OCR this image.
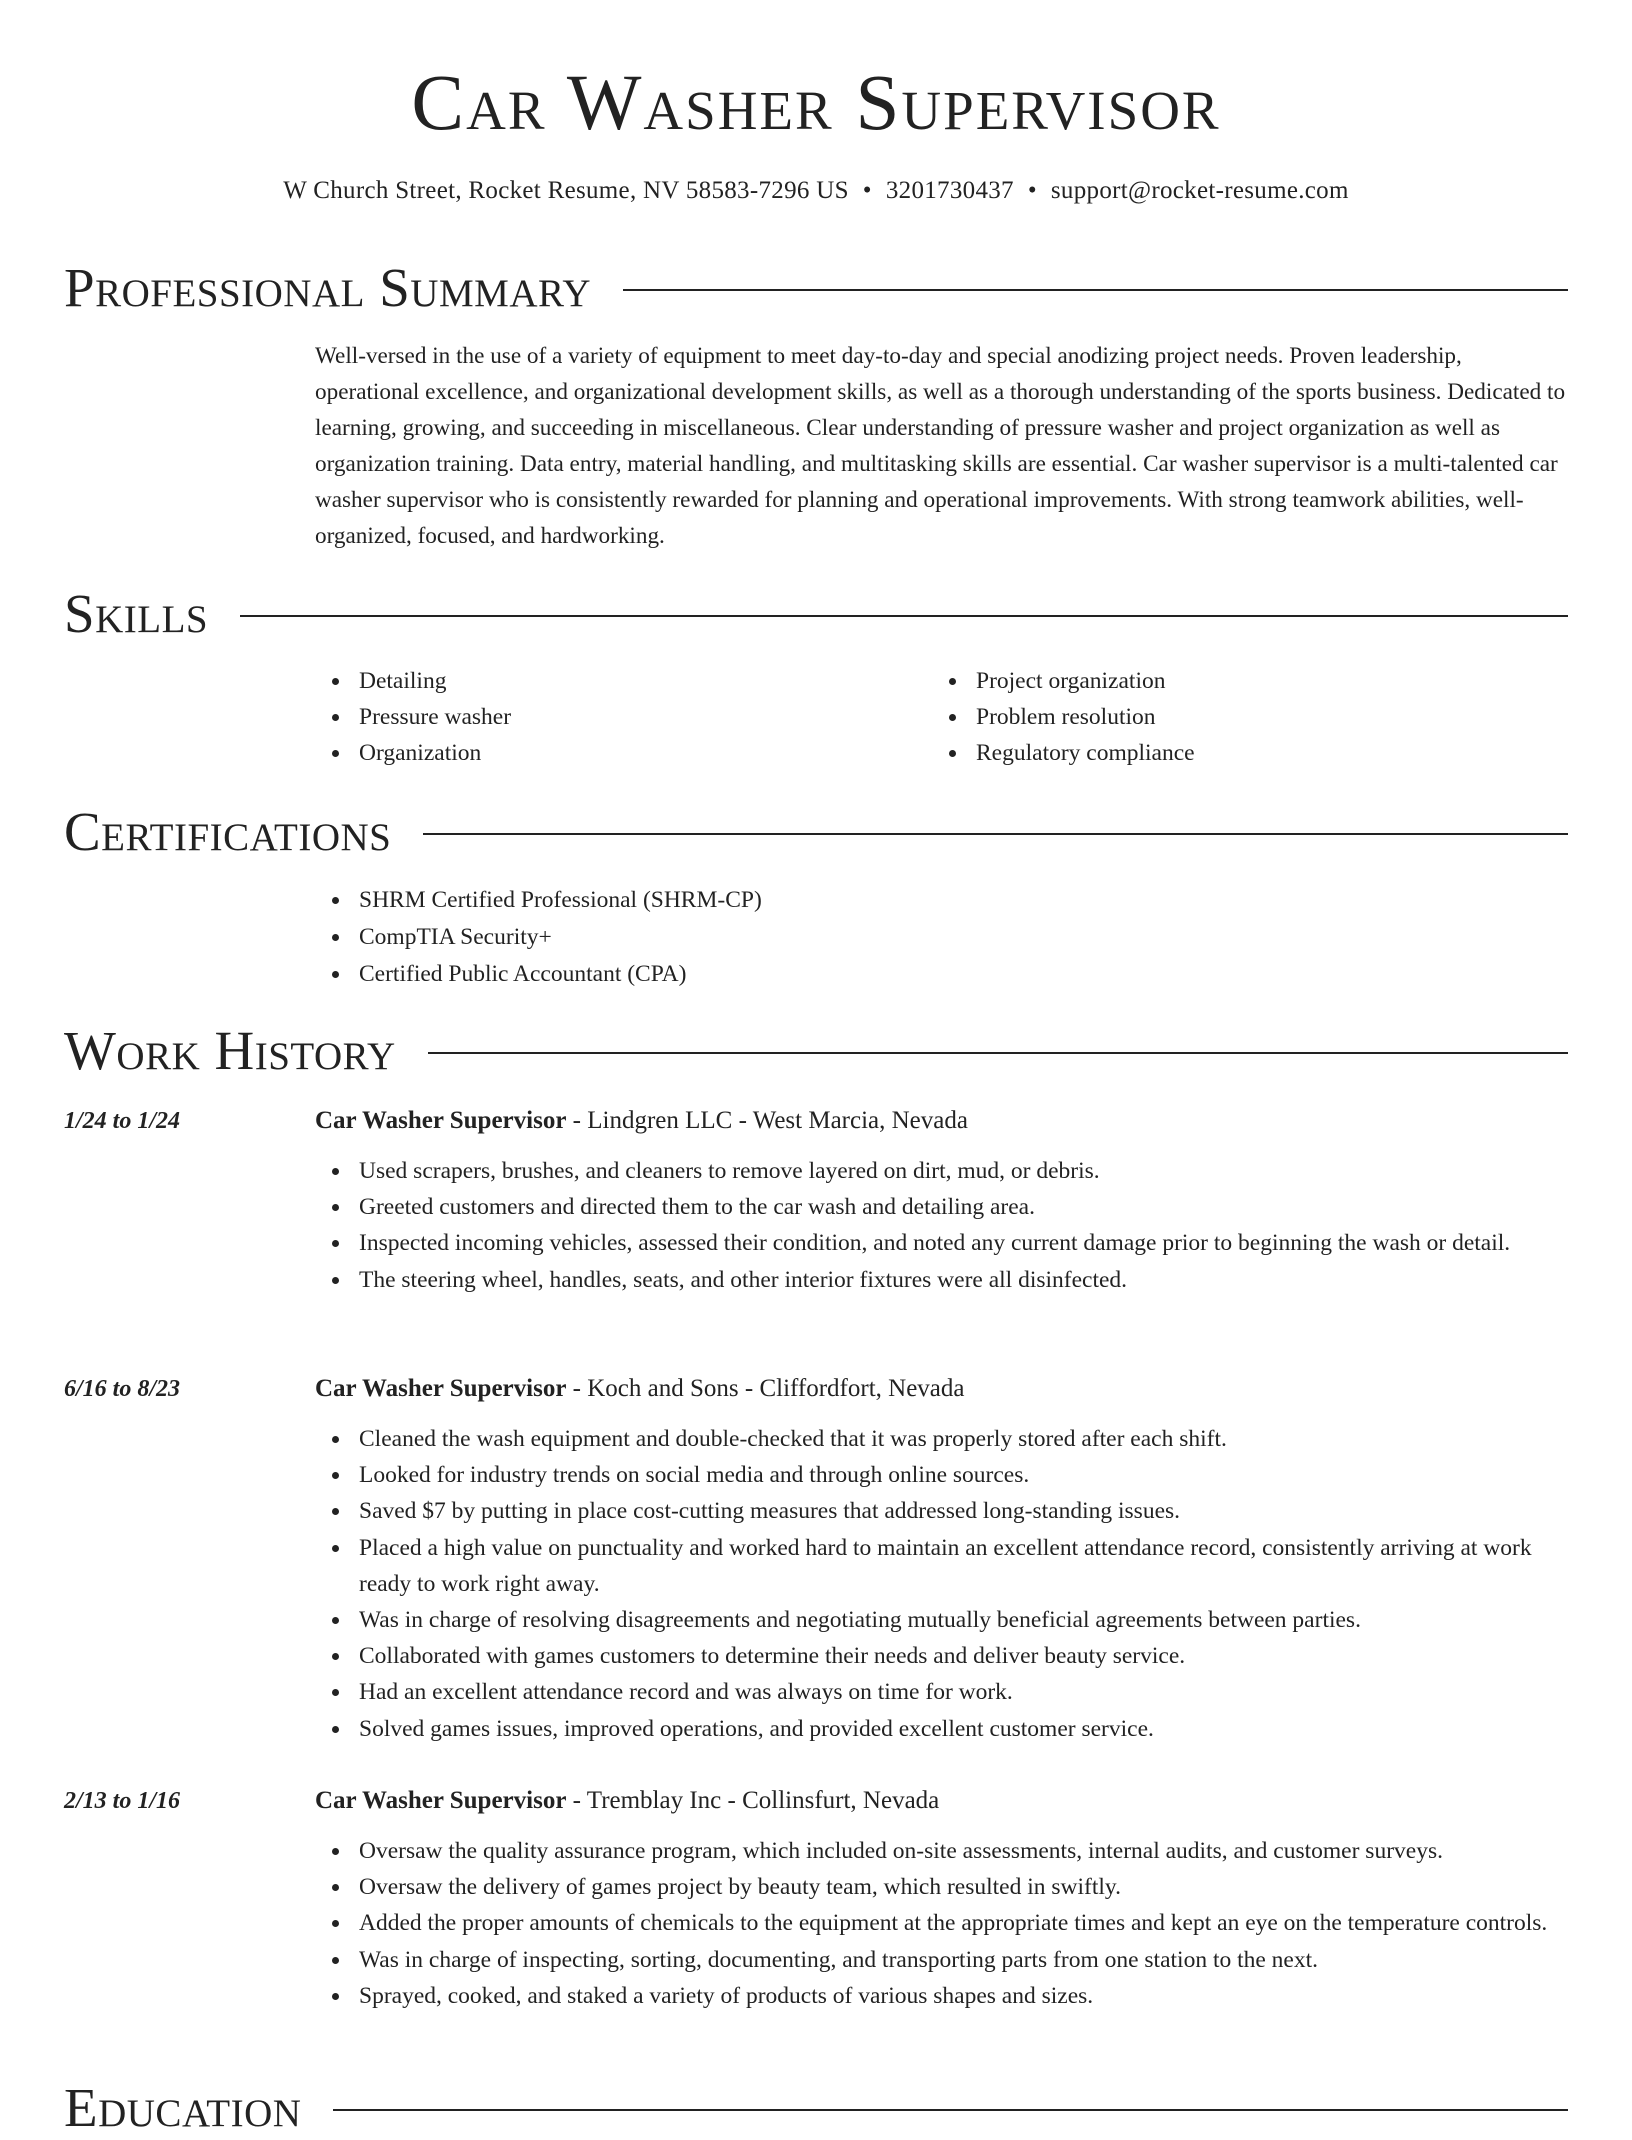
Car Washer Supervisor
W Church Street, Rocket Resume, NV 58583-7296 US • 3201730437 • support@rocket-resume.com
Professional Summary

Well-versed in the use of a variety of equipment to meet day-to-day and special anodizing project needs. Proven leadership, operational excellence, and organizational development skills, as well as a thorough understanding of the sports business. Dedicated to learning, growing, and succeeding in miscellaneous. Clear understanding of pressure washer and project organization as well as organization training. Data entry, material handling, and multitasking skills are essential. Car washer supervisor is a multi-talented car washer supervisor who is consistently rewarded for planning and operational improvements. With strong teamwork abilities, well-organized, focused, and hardworking.

Skills
Detailing
Pressure washer
Organization
Project organization
Problem resolution
Regulatory compliance
Certifications
SHRM Certified Professional (SHRM-CP)
CompTIA Security+
Certified Public Accountant (CPA)
Work History
1/24 to 1/24	Car Washer Supervisor - Lindgren LLC - West Marcia, Nevada
Used scrapers, brushes, and cleaners to remove layered on dirt, mud, or debris.
Greeted customers and directed them to the car wash and detailing area.
Inspected incoming vehicles, assessed their condition, and noted any current damage prior to beginning the wash or detail.
The steering wheel, handles, seats, and other interior fixtures were all disinfected.
6/16 to 8/23	Car Washer Supervisor - Koch and Sons - Cliffordfort, Nevada
Cleaned the wash equipment and double-checked that it was properly stored after each shift.
Looked for industry trends on social media and through online sources.
Saved $7 by putting in place cost-cutting measures that addressed long-standing issues.
Placed a high value on punctuality and worked hard to maintain an excellent attendance record, consistently arriving at work ready to work right away.
Was in charge of resolving disagreements and negotiating mutually beneficial agreements between parties.
Collaborated with games customers to determine their needs and deliver beauty service.
Had an excellent attendance record and was always on time for work.
Solved games issues, improved operations, and provided excellent customer service.
2/13 to 1/16	Car Washer Supervisor - Tremblay Inc - Collinsfurt, Nevada
Oversaw the quality assurance program, which included on-site assessments, internal audits, and customer surveys.
Oversaw the delivery of games project by beauty team, which resulted in swiftly.
Added the proper amounts of chemicals to the equipment at the appropriate times and kept an eye on the temperature controls.
Was in charge of inspecting, sorting, documenting, and transporting parts from one station to the next.
Sprayed, cooked, and staked a variety of products of various shapes and sizes.
Education
